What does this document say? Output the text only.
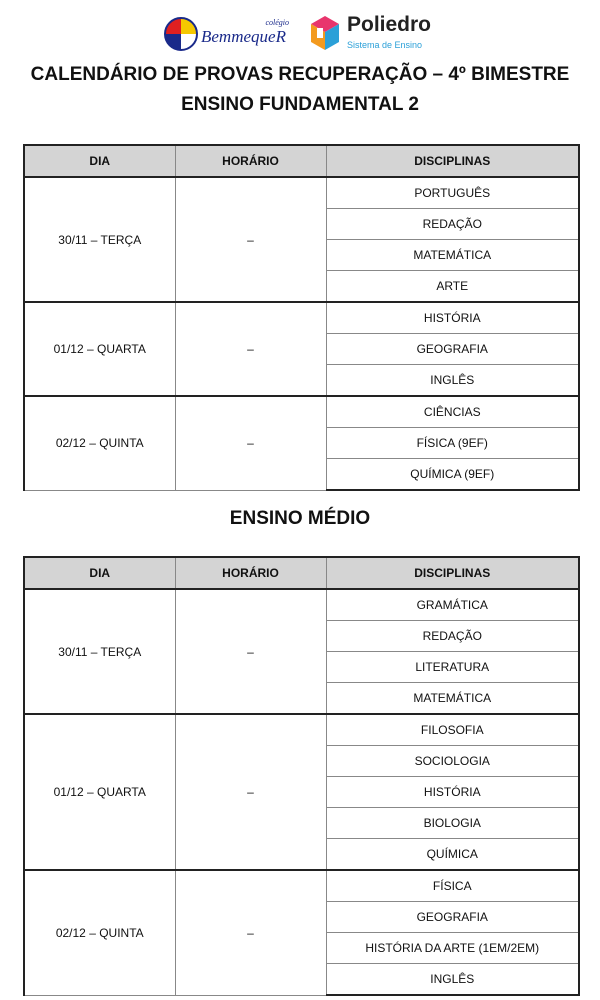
colégio
BemmequeR
Poliedro
Sistema de Ensino
CALENDÁRIO DE PROVAS RECUPERAÇÃO – 4º BIMESTRE
ENSINO FUNDAMENTAL 2
DIA	HORÁRIO	DISCIPLINAS
30/11 – TERÇA	–	PORTUGUÊS
		REDAÇÃO
		MATEMÁTICA
		ARTE
01/12 – QUARTA	–	HISTÓRIA
		GEOGRAFIA
		INGLÊS
02/12 – QUINTA	–	CIÊNCIAS
		FÍSICA (9EF)
		QUÍMICA (9EF)
ENSINO MÉDIO
DIA	HORÁRIO	DISCIPLINAS
30/11 – TERÇA	–	GRAMÁTICA
		REDAÇÃO
		LITERATURA
		MATEMÁTICA
01/12 – QUARTA	–	FILOSOFIA
		SOCIOLOGIA
		HISTÓRIA
		BIOLOGIA
		QUÍMICA
02/12 – QUINTA	–	FÍSICA
		GEOGRAFIA
		HISTÓRIA DA ARTE (1EM/2EM)
		INGLÊS
